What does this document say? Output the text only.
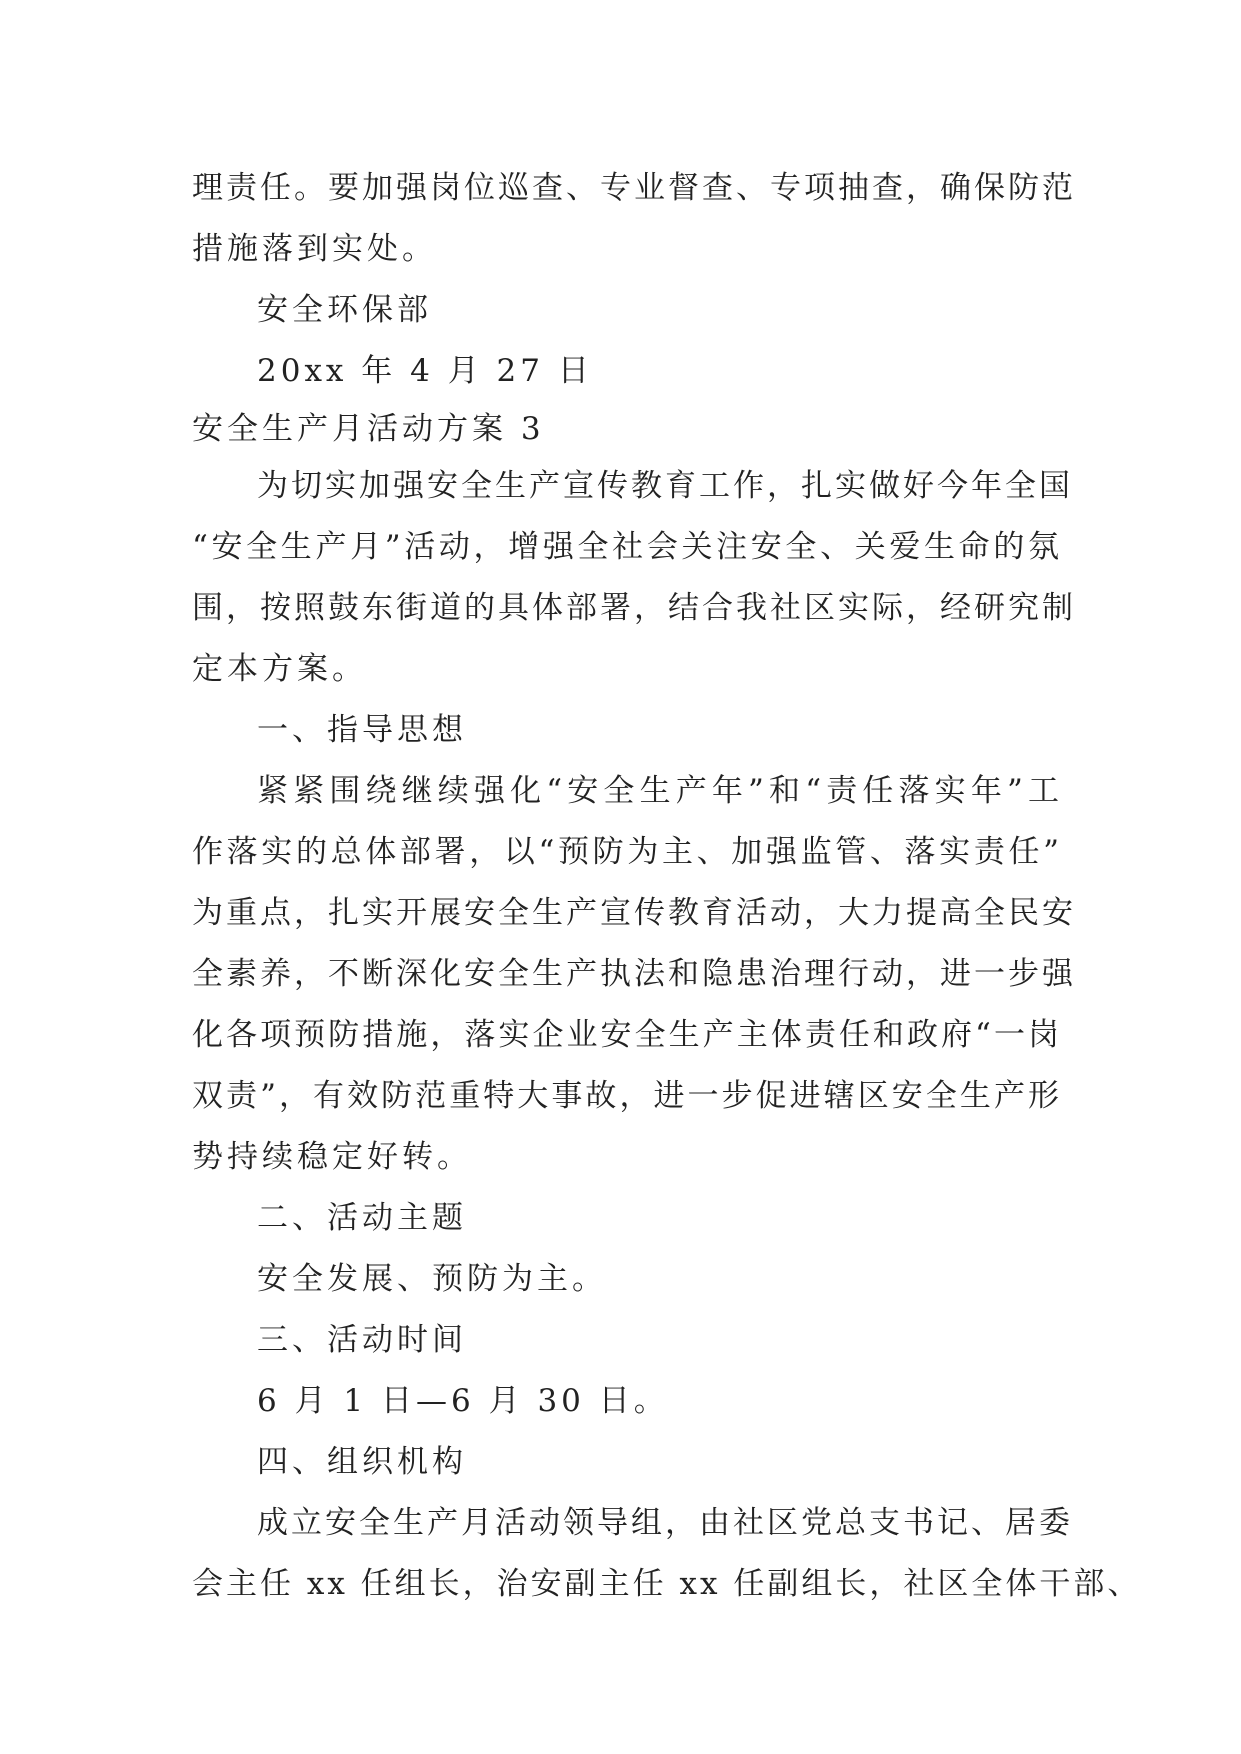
理责任。要加强岗位巡查、专业督查、专项抽查，确保防范
措施落到实处。
安全环保部
20xx 年 4 月 27 日
安全生产月活动方案 3
为切实加强安全生产宣传教育工作，扎实做好今年全国
“安全生产月”活动，增强全社会关注安全、关爱生命的氛
围，按照鼓东街道的具体部署，结合我社区实际，经研究制
定本方案。
一、指导思想
紧紧围绕继续强化“安全生产年”和“责任落实年”工
作落实的总体部署，以“预防为主、加强监管、落实责任”
为重点，扎实开展安全生产宣传教育活动，大力提高全民安
全素养，不断深化安全生产执法和隐患治理行动，进一步强
化各项预防措施，落实企业安全生产主体责任和政府“一岗
双责”，有效防范重特大事故，进一步促进辖区安全生产形
势持续稳定好转。
二、活动主题
安全发展、预防为主。
三、活动时间
6 月 1 日—6 月 30 日。
四、组织机构
成立安全生产月活动领导组，由社区党总支书记、居委
会主任 xx 任组长，治安副主任 xx 任副组长，社区全体干部、
